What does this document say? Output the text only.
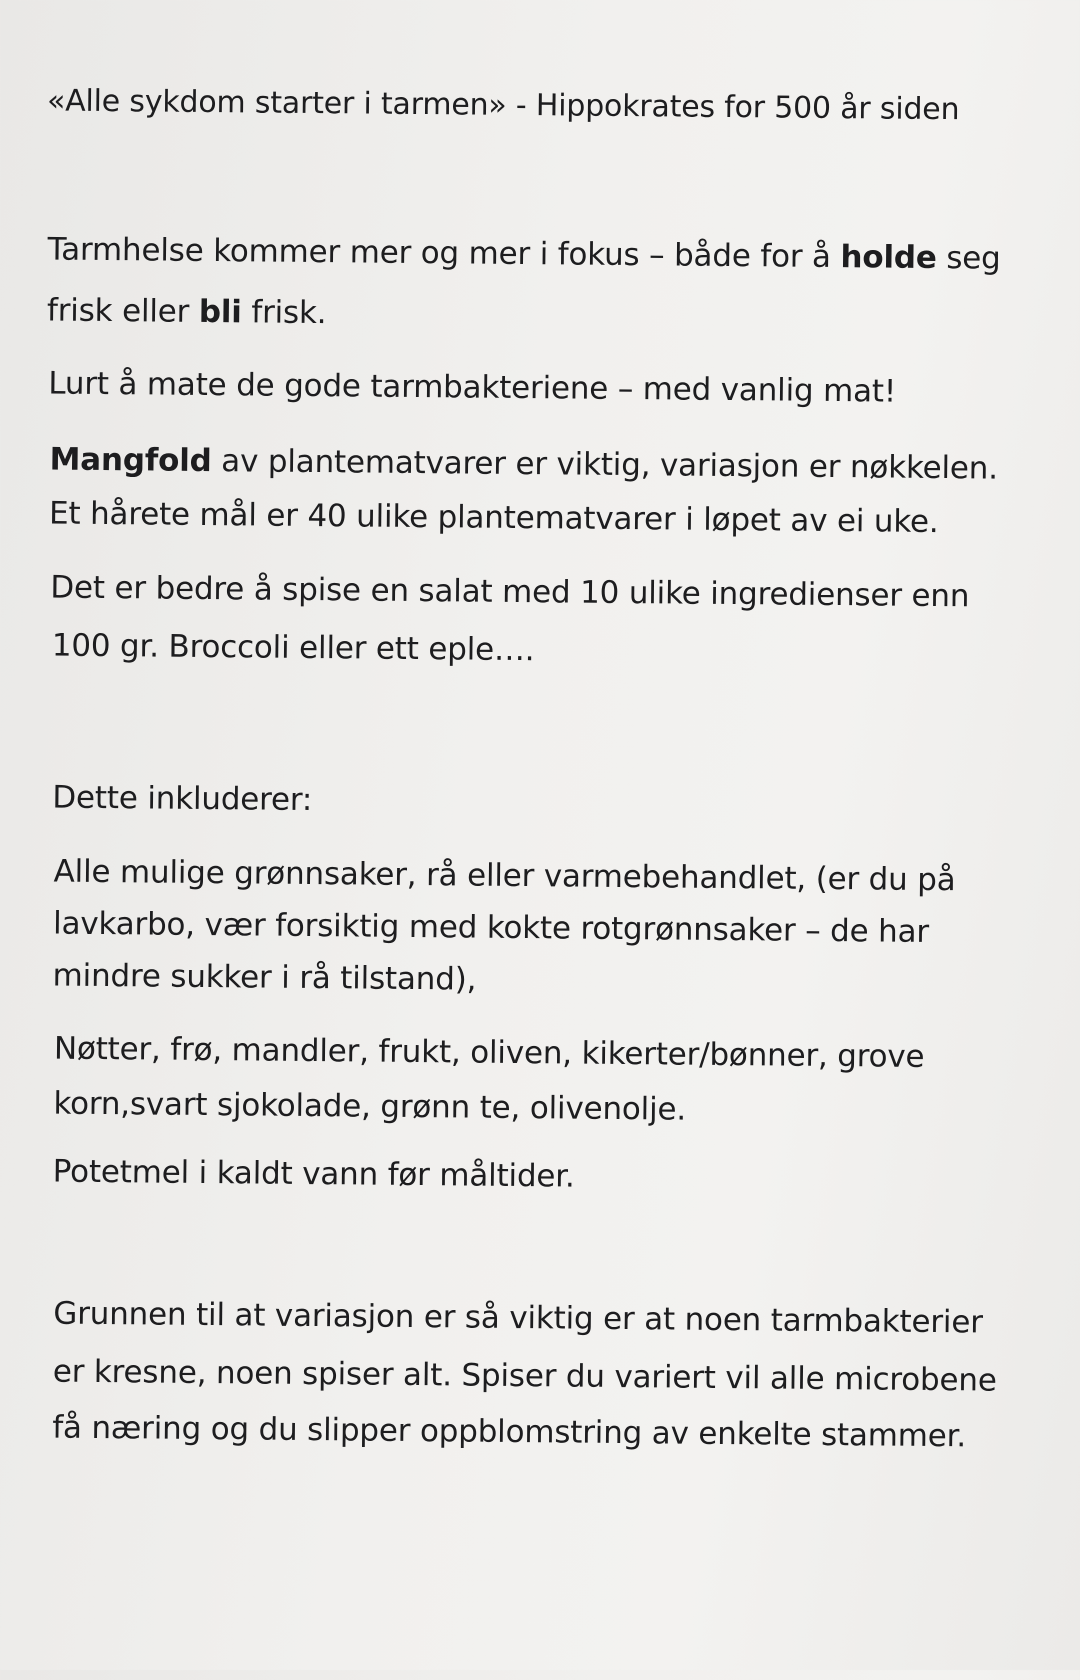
«Alle sykdom starter i tarmen» - Hippokrates for 500 år siden
Tarmhelse kommer mer og mer i fokus – både for å holde seg
frisk eller bli frisk.
Lurt å mate de gode tarmbakteriene – med vanlig mat!
Mangfold av plantematvarer er viktig, variasjon er nøkkelen.
Et hårete mål er 40 ulike plantematvarer i løpet av ei uke.
Det er bedre å spise en salat med 10 ulike ingredienser enn
100 gr. Broccoli eller ett eple….
Dette inkluderer:
Alle mulige grønnsaker, rå eller varmebehandlet, (er du på
lavkarbo, vær forsiktig med kokte rotgrønnsaker – de har
mindre sukker i rå tilstand),
Nøtter, frø, mandler, frukt, oliven, kikerter/bønner, grove
korn,svart sjokolade, grønn te, olivenolje.
Potetmel i kaldt vann før måltider.
Grunnen til at variasjon er så viktig er at noen tarmbakterier
er kresne, noen spiser alt. Spiser du variert vil alle microbene
få næring og du slipper oppblomstring av enkelte stammer.
